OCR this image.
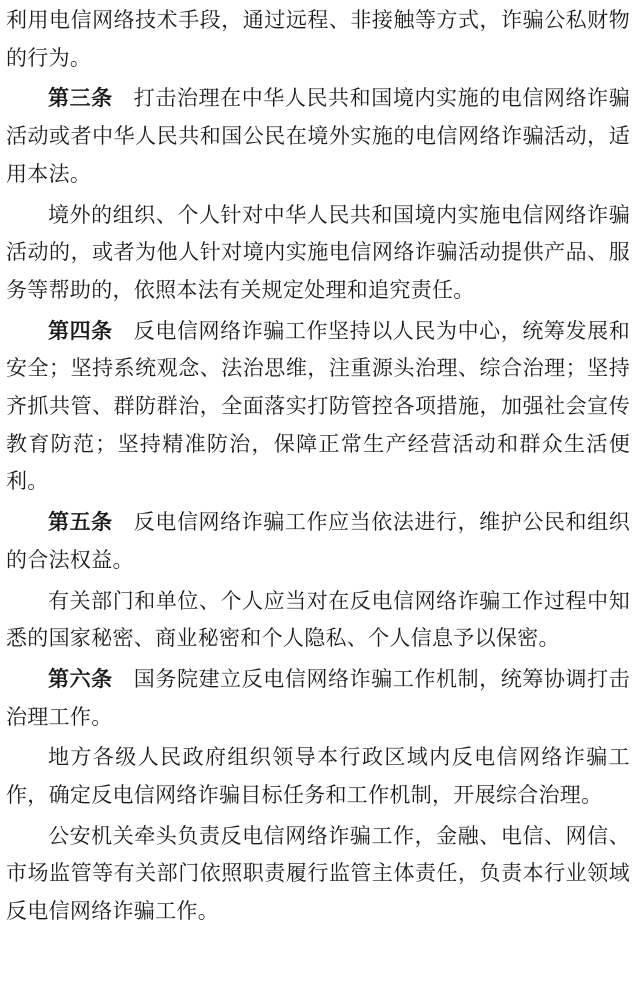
利用电信网络技术手段，通过远程、非接触等方式，诈骗公私财物的行为。

第三条 打击治理在中华人民共和国境内实施的电信网络诈骗活动或者中华人民共和国公民在境外实施的电信网络诈骗活动，适用本法。

境外的组织、个人针对中华人民共和国境内实施电信网络诈骗活动的，或者为他人针对境内实施电信网络诈骗活动提供产品、服务等帮助的，依照本法有关规定处理和追究责任。

第四条 反电信网络诈骗工作坚持以人民为中心，统筹发展和安全；坚持系统观念、法治思维，注重源头治理、综合治理；坚持齐抓共管、群防群治，全面落实打防管控各项措施，加强社会宣传教育防范；坚持精准防治，保障正常生产经营活动和群众生活便利。

第五条 反电信网络诈骗工作应当依法进行，维护公民和组织的合法权益。

有关部门和单位、个人应当对在反电信网络诈骗工作过程中知悉的国家秘密、商业秘密和个人隐私、个人信息予以保密。

第六条 国务院建立反电信网络诈骗工作机制，统筹协调打击治理工作。

地方各级人民政府组织领导本行政区域内反电信网络诈骗工作，确定反电信网络诈骗目标任务和工作机制，开展综合治理。

公安机关牵头负责反电信网络诈骗工作，金融、电信、网信、市场监管等有关部门依照职责履行监管主体责任，负责本行业领域反电信网络诈骗工作。
